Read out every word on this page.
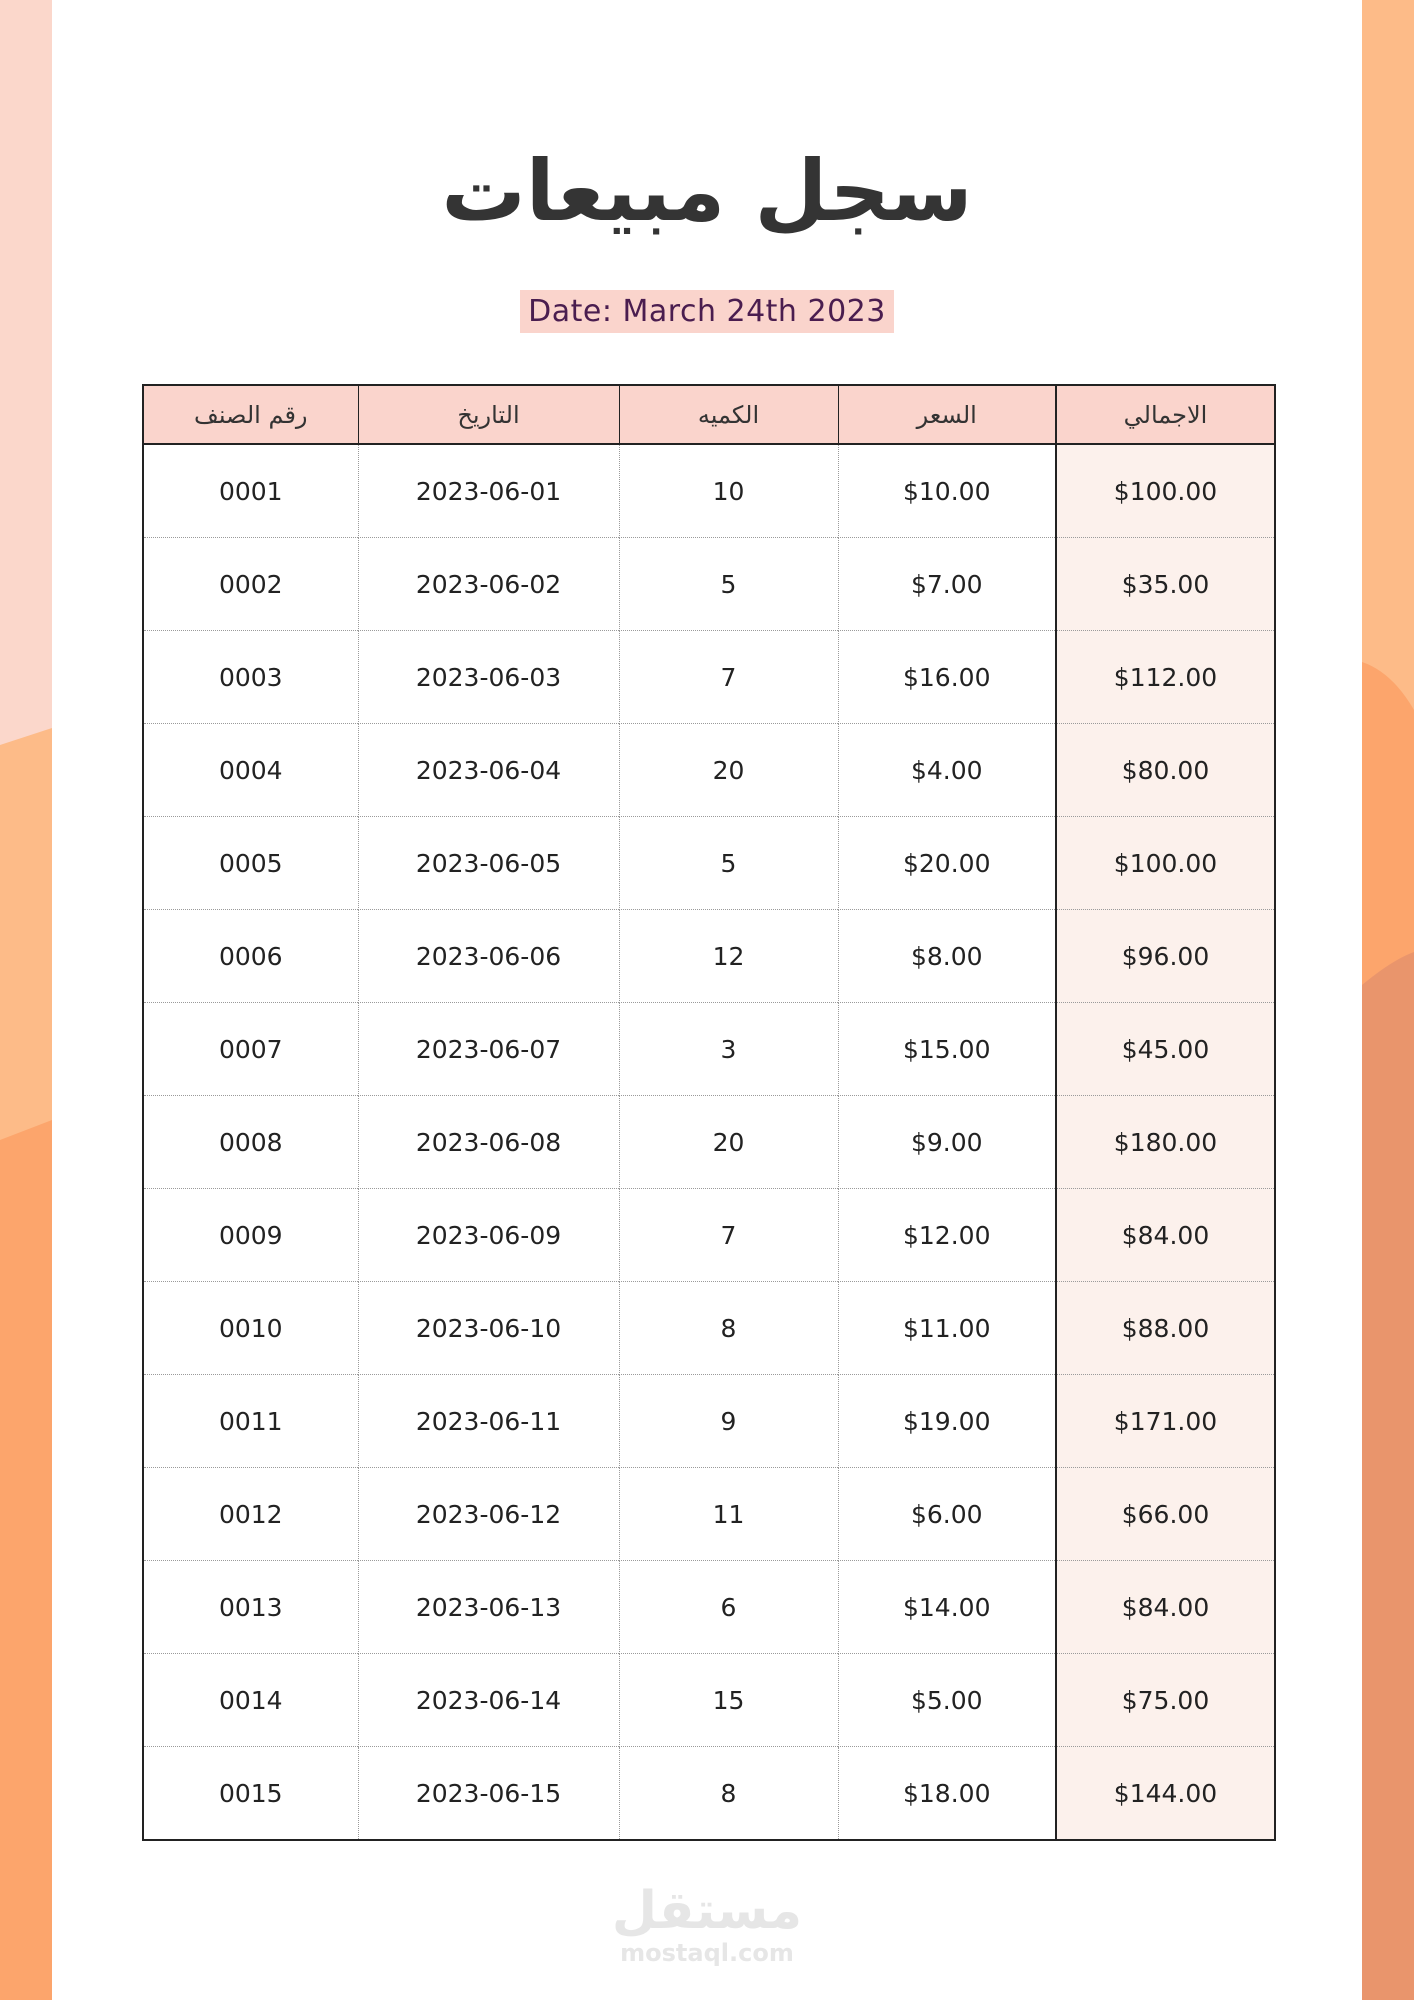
سجل مبيعات
Date: March 24th 2023
الاجمالي	السعر	الكميه	التاريخ	رقم الصنف
$100.00	$10.00	10	2023-06-01	0001
$35.00	$7.00	5	2023-06-02	0002
$112.00	$16.00	7	2023-06-03	0003
$80.00	$4.00	20	2023-06-04	0004
$100.00	$20.00	5	2023-06-05	0005
$96.00	$8.00	12	2023-06-06	0006
$45.00	$15.00	3	2023-06-07	0007
$180.00	$9.00	20	2023-06-08	0008
$84.00	$12.00	7	2023-06-09	0009
$88.00	$11.00	8	2023-06-10	0010
$171.00	$19.00	9	2023-06-11	0011
$66.00	$6.00	11	2023-06-12	0012
$84.00	$14.00	6	2023-06-13	0013
$75.00	$5.00	15	2023-06-14	0014
$144.00	$18.00	8	2023-06-15	0015
مستقل
mostaql.com
